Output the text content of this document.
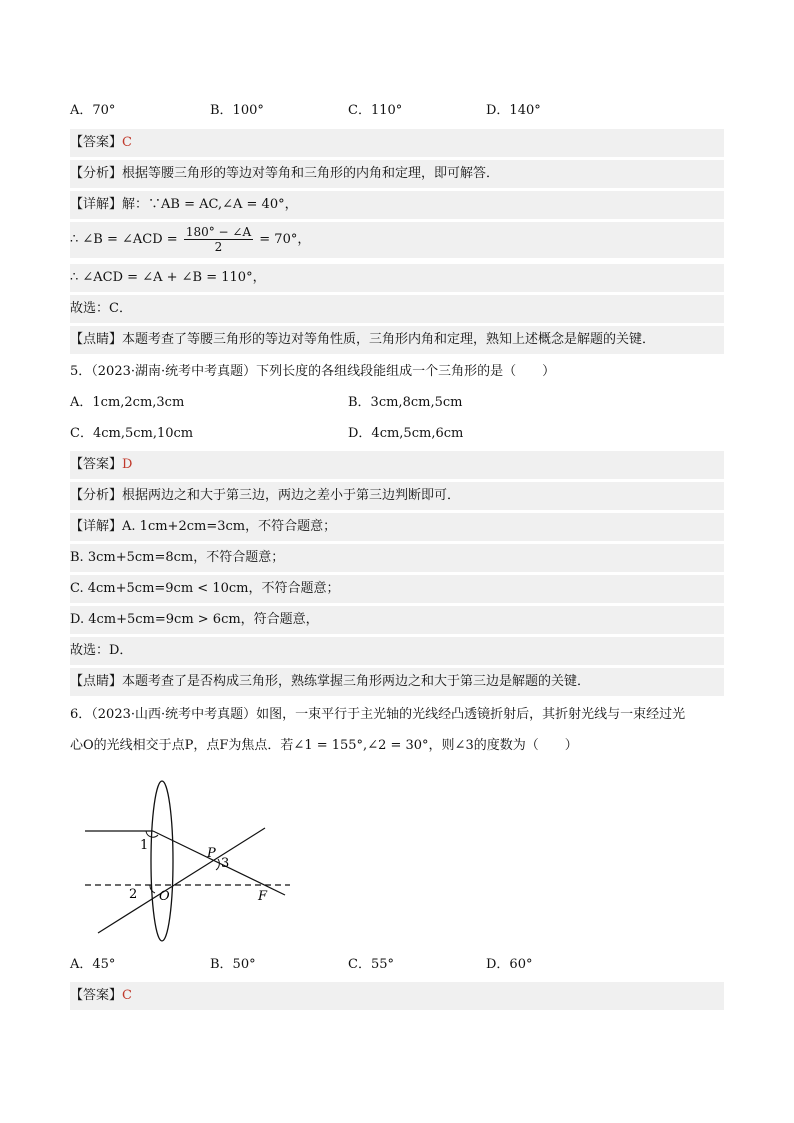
A．70°	B．100°	C．110°	D．140°
【答案】C
【分析】根据等腰三角形的等边对等角和三角形的内角和定理，即可解答．
【详解】解：∵AB = AC,∠A = 40°，
∴ ∠B = ∠ACD = $\frac{180^\circ - \angle A}{2} = 70^\circ$，
∴ ∠ACD = ∠A + ∠B = 110°，
故选：C．
【点睛】本题考查了等腰三角形的等边对等角性质，三角形内角和定理，熟知上述概念是解题的关键．
5．（2023·湖南·统考中考真题）下列长度的各组线段能组成一个三角形的是（　　）
A．1cm,2cm,3cm	B．3cm,8cm,5cm
C．4cm,5cm,10cm	D．4cm,5cm,6cm
【答案】D
【分析】根据两边之和大于第三边，两边之差小于第三边判断即可．
【详解】A. 1cm+2cm=3cm，不符合题意；
B. 3cm+5cm=8cm，不符合题意；
C. 4cm+5cm=9cm < 10cm，不符合题意；
D. 4cm+5cm=9cm > 6cm，符合题意，
故选：D．
【点睛】本题考查了是否构成三角形，熟练掌握三角形两边之和大于第三边是解题的关键．
6．（2023·山西·统考中考真题）如图，一束平行于主光轴的光线经凸透镜折射后，其折射光线与一束经过光
心O的光线相交于点P，点F为焦点．若∠1 = 155°,∠2 = 30°，则∠3的度数为（　　）
1
2 O
P
3
F
A．45°	B．50°	C．55°	D．60°
【答案】C
